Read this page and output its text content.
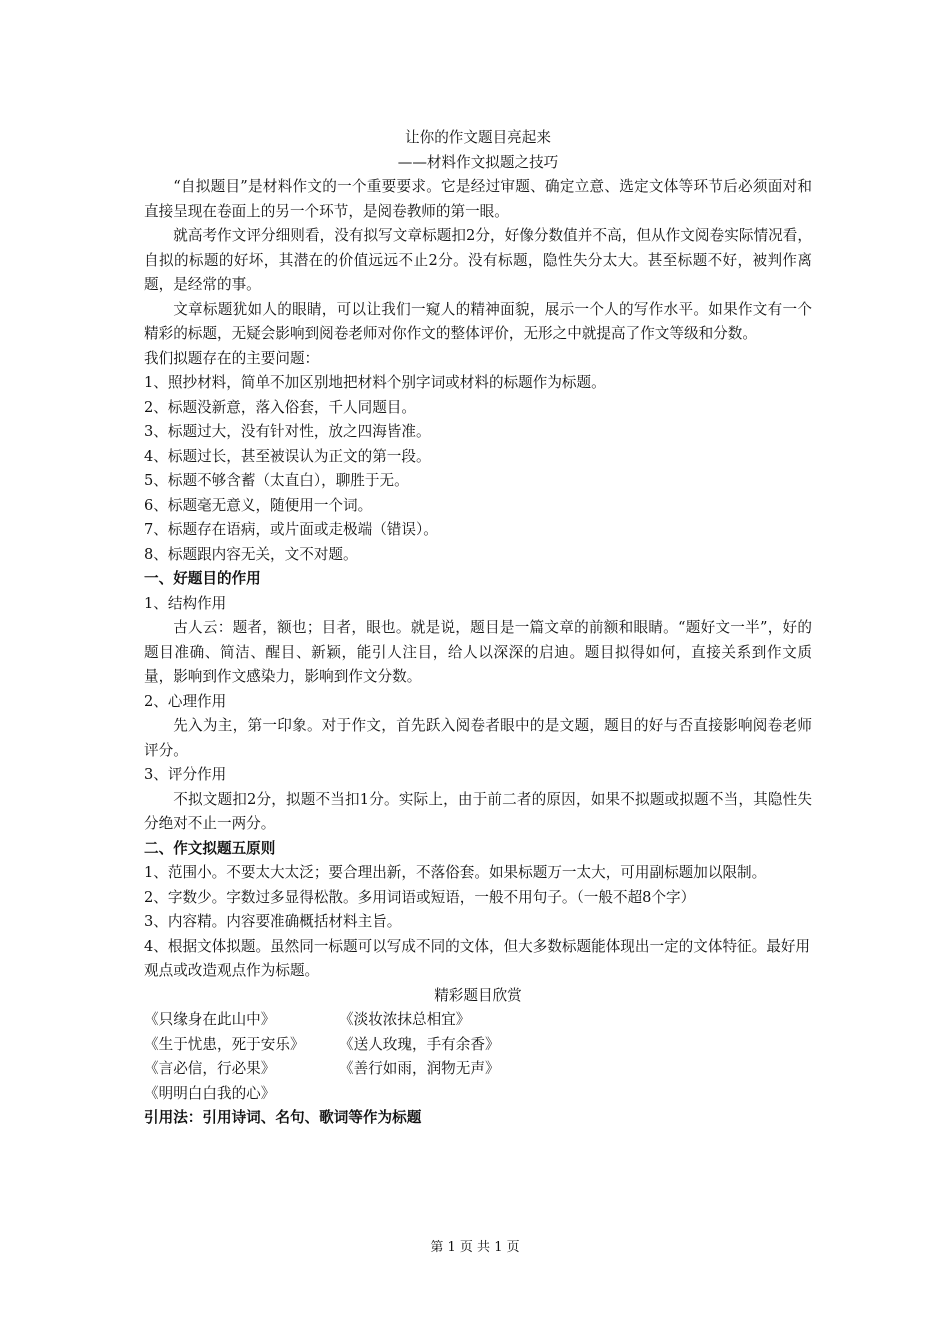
让你的作文题目亮起来
——材料作文拟题之技巧
“自拟题目”是材料作文的一个重要要求。它是经过审题、确定立意、选定文体等环节后必须面对和直接呈现在卷面上的另一个环节，是阅卷教师的第一眼。
就高考作文评分细则看，没有拟写文章标题扣2分，好像分数值并不高，但从作文阅卷实际情况看，自拟的标题的好坏，其潜在的价值远远不止2分。没有标题，隐性失分太大。甚至标题不好，被判作离题，是经常的事。
文章标题犹如人的眼睛，可以让我们一窥人的精神面貌，展示一个人的写作水平。如果作文有一个精彩的标题，无疑会影响到阅卷老师对你作文的整体评价，无形之中就提高了作文等级和分数。
我们拟题存在的主要问题：
1、照抄材料，简单不加区别地把材料个别字词或材料的标题作为标题。
2、标题没新意，落入俗套，千人同题目。
3、标题过大，没有针对性，放之四海皆准。
4、标题过长，甚至被误认为正文的第一段。
5、标题不够含蓄（太直白），聊胜于无。
6、标题毫无意义，随便用一个词。
7、标题存在语病，或片面或走极端（错误）。
8、标题跟内容无关，文不对题。
一、好题目的作用
1、结构作用
古人云：题者，额也；目者，眼也。就是说，题目是一篇文章的前额和眼睛。“题好文一半”，好的题目准确、简洁、醒目、新颖，能引人注目，给人以深深的启迪。题目拟得如何，直接关系到作文质量，影响到作文感染力，影响到作文分数。
2、心理作用
先入为主，第一印象。对于作文，首先跃入阅卷者眼中的是文题，题目的好与否直接影响阅卷老师评分。
3、评分作用
不拟文题扣2分，拟题不当扣1分。实际上，由于前二者的原因，如果不拟题或拟题不当，其隐性失分绝对不止一两分。
二、作文拟题五原则
1、范围小。不要太大太泛；要合理出新，不落俗套。如果标题万一太大，可用副标题加以限制。
2、字数少。字数过多显得松散。多用词语或短语，一般不用句子。（一般不超8个字）
3、内容精。内容要准确概括材料主旨。
4、根据文体拟题。虽然同一标题可以写成不同的文体，但大多数标题能体现出一定的文体特征。最好用观点或改造观点作为标题。
精彩题目欣赏
《只缘身在此山中》	《淡妆浓抹总相宜》
《生于忧患，死于安乐》	《送人玫瑰，手有余香》
《言必信，行必果》	《善行如雨，润物无声》
《明明白白我的心》
引用法：引用诗词、名句、歌词等作为标题
第 1 页 共 1 页
